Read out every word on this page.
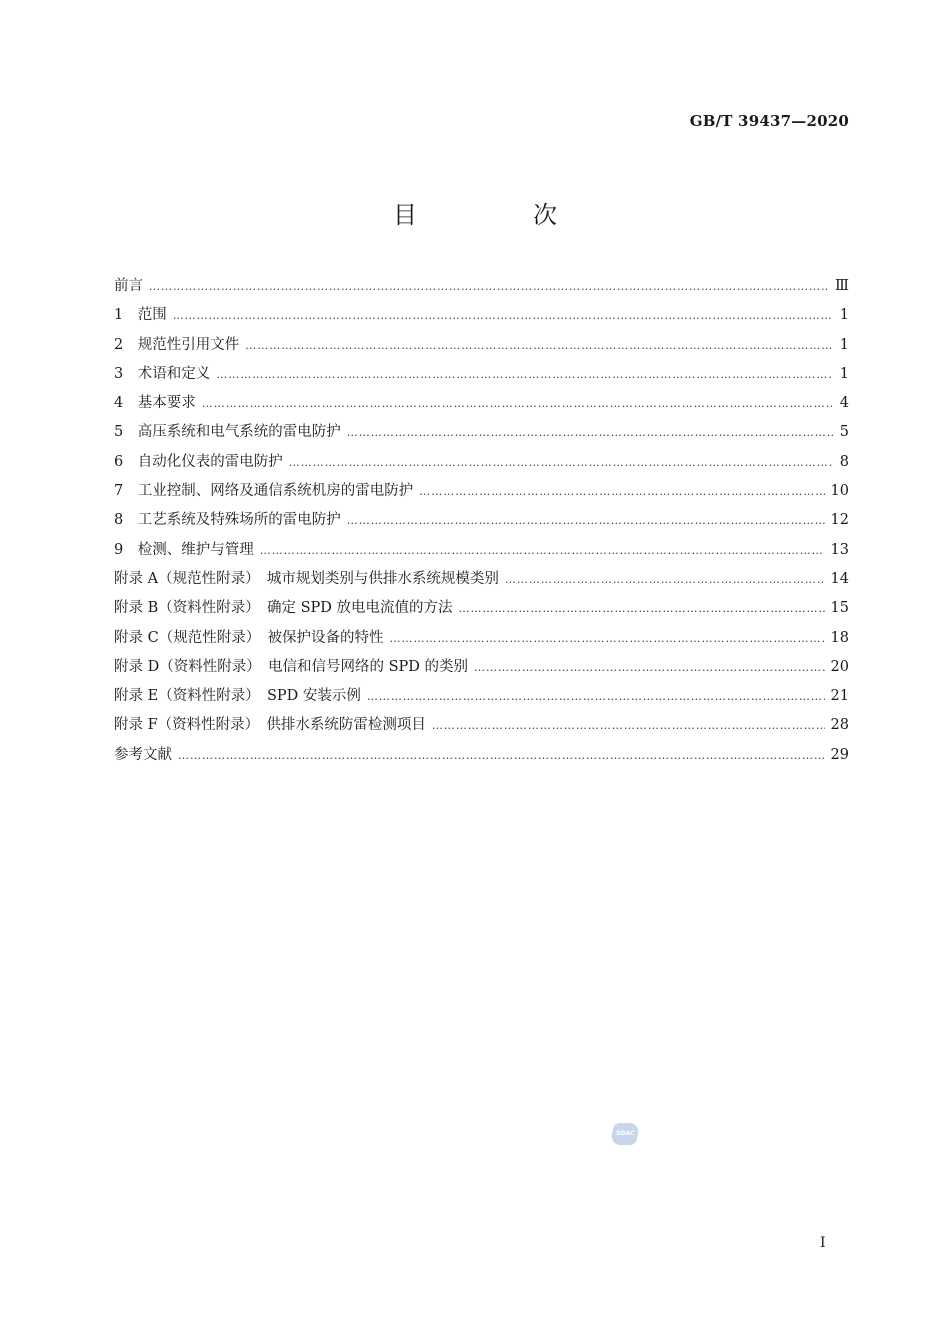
GB/T 39437—2020
目　次
前言 …………………………………………………………………………………………………………………………………………………………………………………………………	Ⅲ
1　范围 …………………………………………………………………………………………………………………………………………………………………………………………………	1
2　规范性引用文件 …………………………………………………………………………………………………………………………………………………………………………………………………	1
3　术语和定义 …………………………………………………………………………………………………………………………………………………………………………………………………	1
4　基本要求 …………………………………………………………………………………………………………………………………………………………………………………………………	4
5　高压系统和电气系统的雷电防护 …………………………………………………………………………………………………………………………………………………………………………………………………	5
6　自动化仪表的雷电防护 …………………………………………………………………………………………………………………………………………………………………………………………………	8
7　工业控制、网络及通信系统机房的雷电防护 …………………………………………………………………………………………………………………………………………………………………………………………………	10
8　工艺系统及特殊场所的雷电防护 …………………………………………………………………………………………………………………………………………………………………………………………………	12
9　检测、维护与管理 …………………………………………………………………………………………………………………………………………………………………………………………………	13
附录 A（规范性附录）　城市规划类别与供排水系统规模类别 …………………………………………………………………………………………………………………………………………………………………………………………………	14
附录 B（资料性附录）　确定 SPD 放电电流值的方法 …………………………………………………………………………………………………………………………………………………………………………………………………	15
附录 C（规范性附录）　被保护设备的特性 …………………………………………………………………………………………………………………………………………………………………………………………………	18
附录 D（资料性附录）　电信和信号网络的 SPD 的类别 …………………………………………………………………………………………………………………………………………………………………………………………………	20
附录 E（资料性附录）　SPD 安装示例 …………………………………………………………………………………………………………………………………………………………………………………………………	21
附录 F（资料性附录）　供排水系统防雷检测项目 …………………………………………………………………………………………………………………………………………………………………………………………………	28
参考文献 …………………………………………………………………………………………………………………………………………………………………………………………………	29
SDAC
I
